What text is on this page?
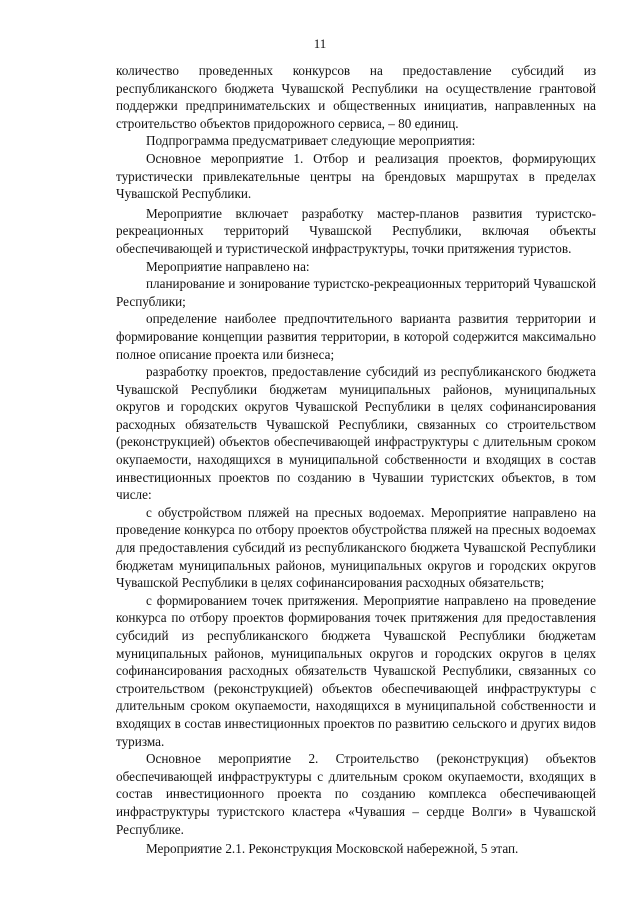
11

количество проведенных конкурсов на предоставление субсидий из республиканского бюджета Чувашской Республики на осуществление грантовой поддержки предпринимательских и общественных инициатив, направленных на строительство объектов придорожного сервиса, – 80 единиц.

Подпрограмма предусматривает следующие мероприятия:

Основное мероприятие 1. Отбор и реализация проектов, формирующих туристически привлекательные центры на брендовых маршрутах в пределах Чувашской Республики.

Мероприятие включает разработку мастер-планов развития туристско-рекреационных территорий Чувашской Республики, включая объекты обеспечивающей и туристической инфраструктуры, точки притяжения туристов.

Мероприятие направлено на:

планирование и зонирование туристско-рекреационных территорий Чувашской Республики;

определение наиболее предпочтительного варианта развития территории и формирование концепции развития территории, в которой содержится максимально полное описание проекта или бизнеса;

разработку проектов, предоставление субсидий из республиканского бюджета Чувашской Республики бюджетам муниципальных районов, муниципальных округов и городских округов Чувашской Республики в целях софинансирования расходных обязательств Чувашской Республики, связанных со строительством (реконструкцией) объектов обеспечивающей инфраструктуры с длительным сроком окупаемости, находящихся в муниципальной собственности и входящих в состав инвестиционных проектов по созданию в Чувашии туристских объектов, в том числе:

с обустройством пляжей на пресных водоемах. Мероприятие направлено на проведение конкурса по отбору проектов обустройства пляжей на пресных водоемах для предоставления субсидий из республиканского бюджета Чувашской Республики бюджетам муниципальных районов, муниципальных округов и городских округов Чувашской Республики в целях софинансирования расходных обязательств;

с формированием точек притяжения. Мероприятие направлено на проведение конкурса по отбору проектов формирования точек притяжения для предоставления субсидий из республиканского бюджета Чувашской Республики бюджетам муниципальных районов, муниципальных округов и городских округов в целях софинансирования расходных обязательств Чувашской Республики, связанных со строительством (реконструкцией) объектов обеспечивающей инфраструктуры с длительным сроком окупаемости, находящихся в муниципальной собственности и входящих в состав инвестиционных проектов по развитию сельского и других видов туризма.

Основное мероприятие 2. Строительство (реконструкция) объектов обеспечивающей инфраструктуры с длительным сроком окупаемости, входящих в состав инвестиционного проекта по созданию комплекса обеспечивающей инфраструктуры туристского кластера «Чувашия – сердце Волги» в Чувашской Республике.

Мероприятие 2.1. Реконструкция Московской набережной, 5 этап.
